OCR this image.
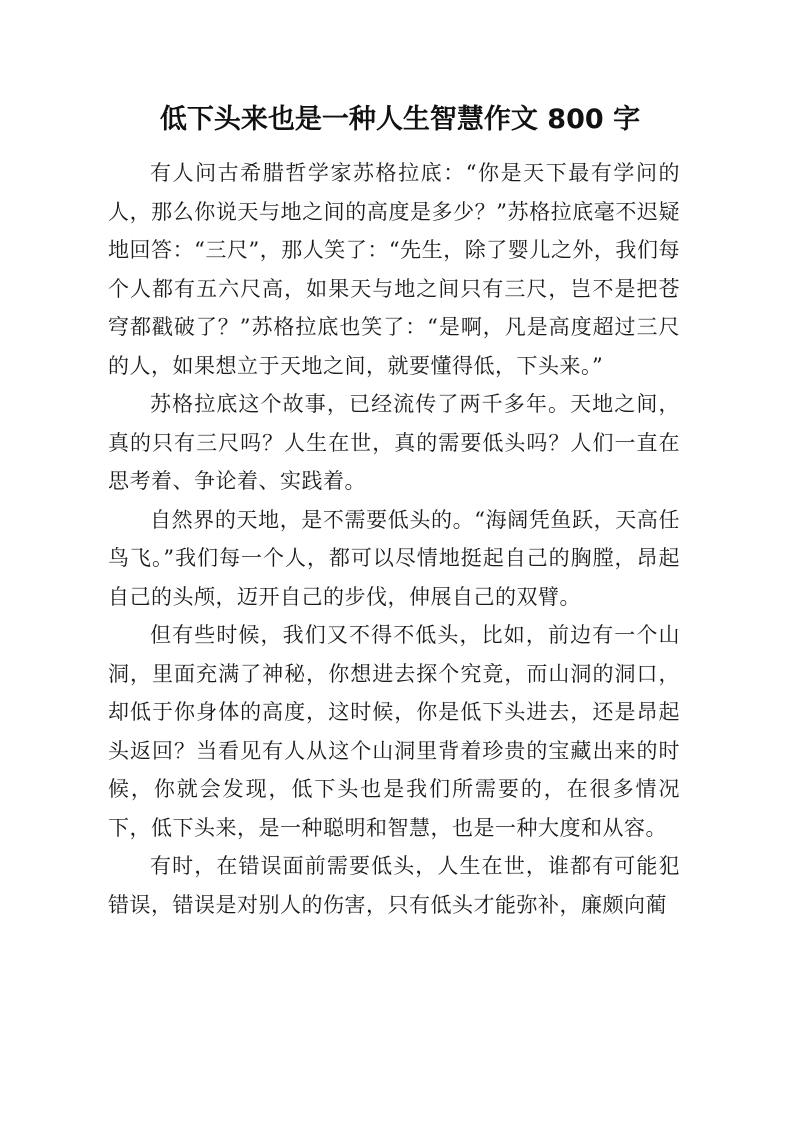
低下头来也是一种人生智慧作文 800 字

有人问古希腊哲学家苏格拉底：“你是天下最有学问的人，那么你说天与地之间的高度是多少？”苏格拉底毫不迟疑地回答：“三尺”，那人笑了：“先生，除了婴儿之外，我们每个人都有五六尺高，如果天与地之间只有三尺，岂不是把苍穹都戳破了？”苏格拉底也笑了：“是啊，凡是高度超过三尺的人，如果想立于天地之间，就要懂得低，下头来。”

苏格拉底这个故事，已经流传了两千多年。天地之间，真的只有三尺吗？人生在世，真的需要低头吗？人们一直在思考着、争论着、实践着。

自然界的天地，是不需要低头的。“海阔凭鱼跃，天高任鸟飞。”我们每一个人，都可以尽情地挺起自己的胸膛，昂起自己的头颅，迈开自己的步伐，伸展自己的双臂。

但有些时候，我们又不得不低头，比如，前边有一个山洞，里面充满了神秘，你想进去探个究竟，而山洞的洞口，却低于你身体的高度，这时候，你是低下头进去，还是昂起头返回？当看见有人从这个山洞里背着珍贵的宝藏出来的时候，你就会发现，低下头也是我们所需要的，在很多情况下，低下头来，是一种聪明和智慧，也是一种大度和从容。

有时，在错误面前需要低头，人生在世，谁都有可能犯错误，错误是对别人的伤害，只有低头才能弥补，廉颇向蔺
